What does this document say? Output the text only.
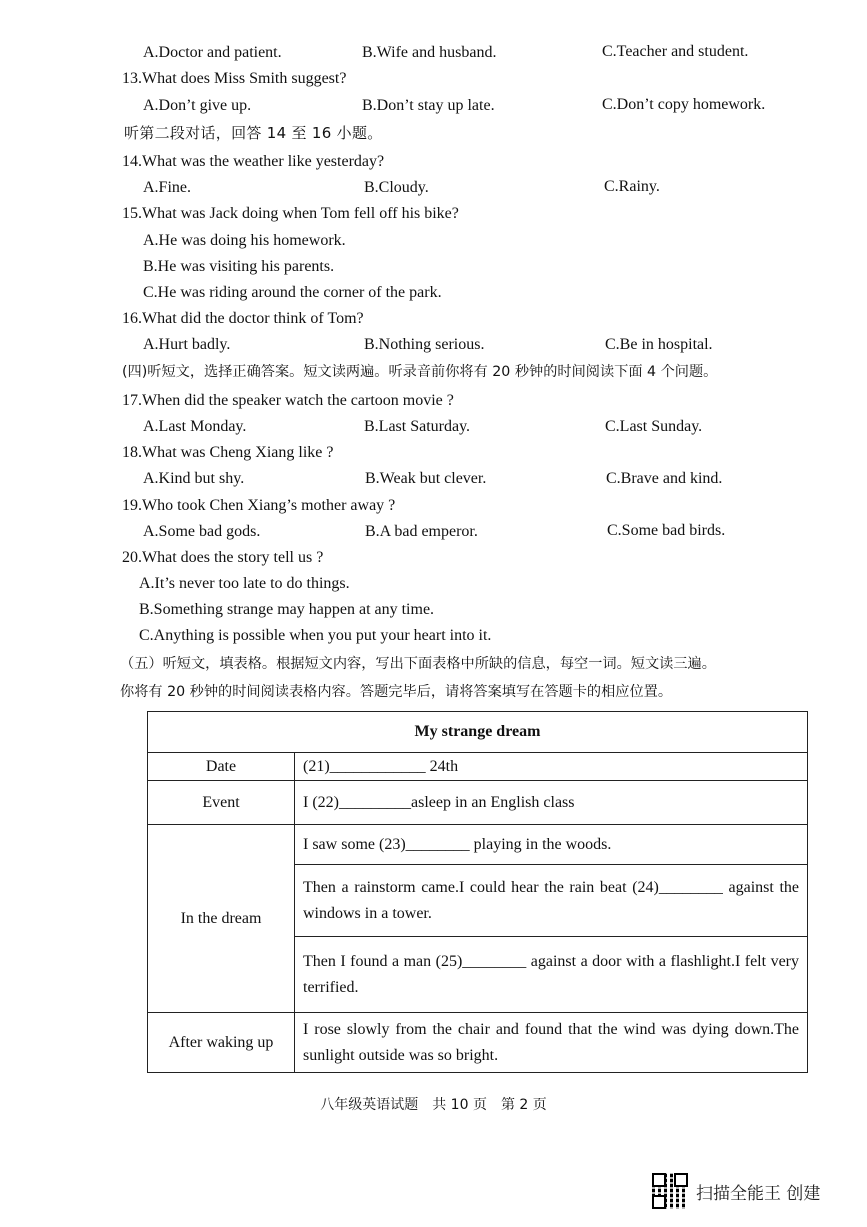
A.Doctor and patient.	B.Wife and husband.	C.Teacher and student.
13.What does Miss Smith suggest?
A.Don’t give up.	B.Don’t stay up late.	C.Don’t copy homework.
听第二段对话，回答 14 至 16 小题。
14.What was the weather like yesterday?
A.Fine.	B.Cloudy.	C.Rainy.
15.What was Jack doing when Tom fell off his bike?
A.He was doing his homework.
B.He was visiting his parents.
C.He was riding around the corner of the park.
16.What did the doctor think of Tom?
A.Hurt badly.	B.Nothing serious.	C.Be in hospital.
(四)听短文，选择正确答案。短文读两遍。听录音前你将有 20 秒钟的时间阅读下面 4 个问题。
17.When did the speaker watch the cartoon movie ?
A.Last Monday.	B.Last Saturday.	C.Last Sunday.
18.What was Cheng Xiang like ?
A.Kind but shy.	B.Weak but clever.	C.Brave and kind.
19.Who took Chen Xiang’s mother away ?
A.Some bad gods.	B.A bad emperor.	C.Some bad birds.
20.What does the story tell us ?
A.It’s never too late to do things.
B.Something strange may happen at any time.
C.Anything is possible when you put your heart into it.
（五）听短文，填表格。根据短文内容，写出下面表格中所缺的信息，每空一词。短文读三遍。
你将有 20 秒钟的时间阅读表格内容。答题完毕后，请将答案填写在答题卡的相应位置。
My strange dream	
Date	(21)____________ 24th
Event	I (22)_________asleep in an English class
In the dream	I saw some (23)________ playing in the woods.
	Then a rainstorm came.I could hear the rain beat (24)________ against the windows in a tower.
	Then I found a man (25)________ against a door with a flashlight.I felt very terrified.
After waking up	I rose slowly from the chair and found that the wind was dying down.The sunlight outside was so bright.
八年级英语试题　共 10 页　第 2 页
扫描全能王 创建
